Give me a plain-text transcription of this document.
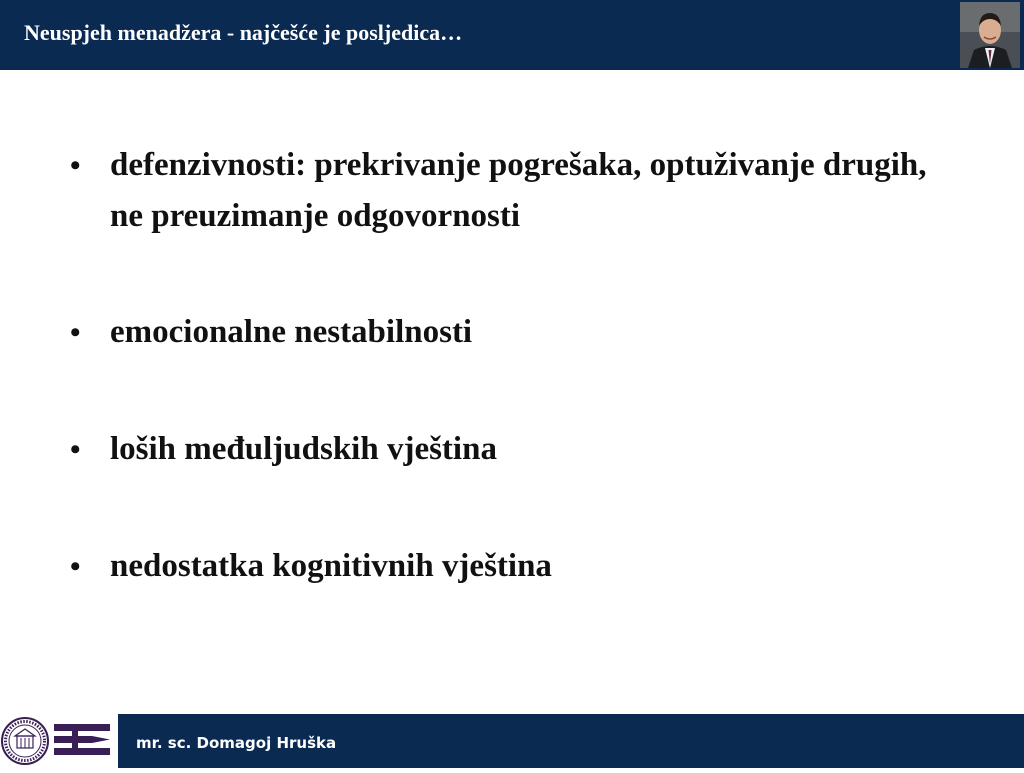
Neuspjeh menadžera - najčešće je posljedica…
• defenzivnosti: prekrivanje pogrešaka, optuživanje drugih, ne preuzimanje odgovornosti
• emocionalne nestabilnosti
• loših međuljudskih vještina
• nedostatka kognitivnih vještina
mr. sc. Domagoj Hruška
